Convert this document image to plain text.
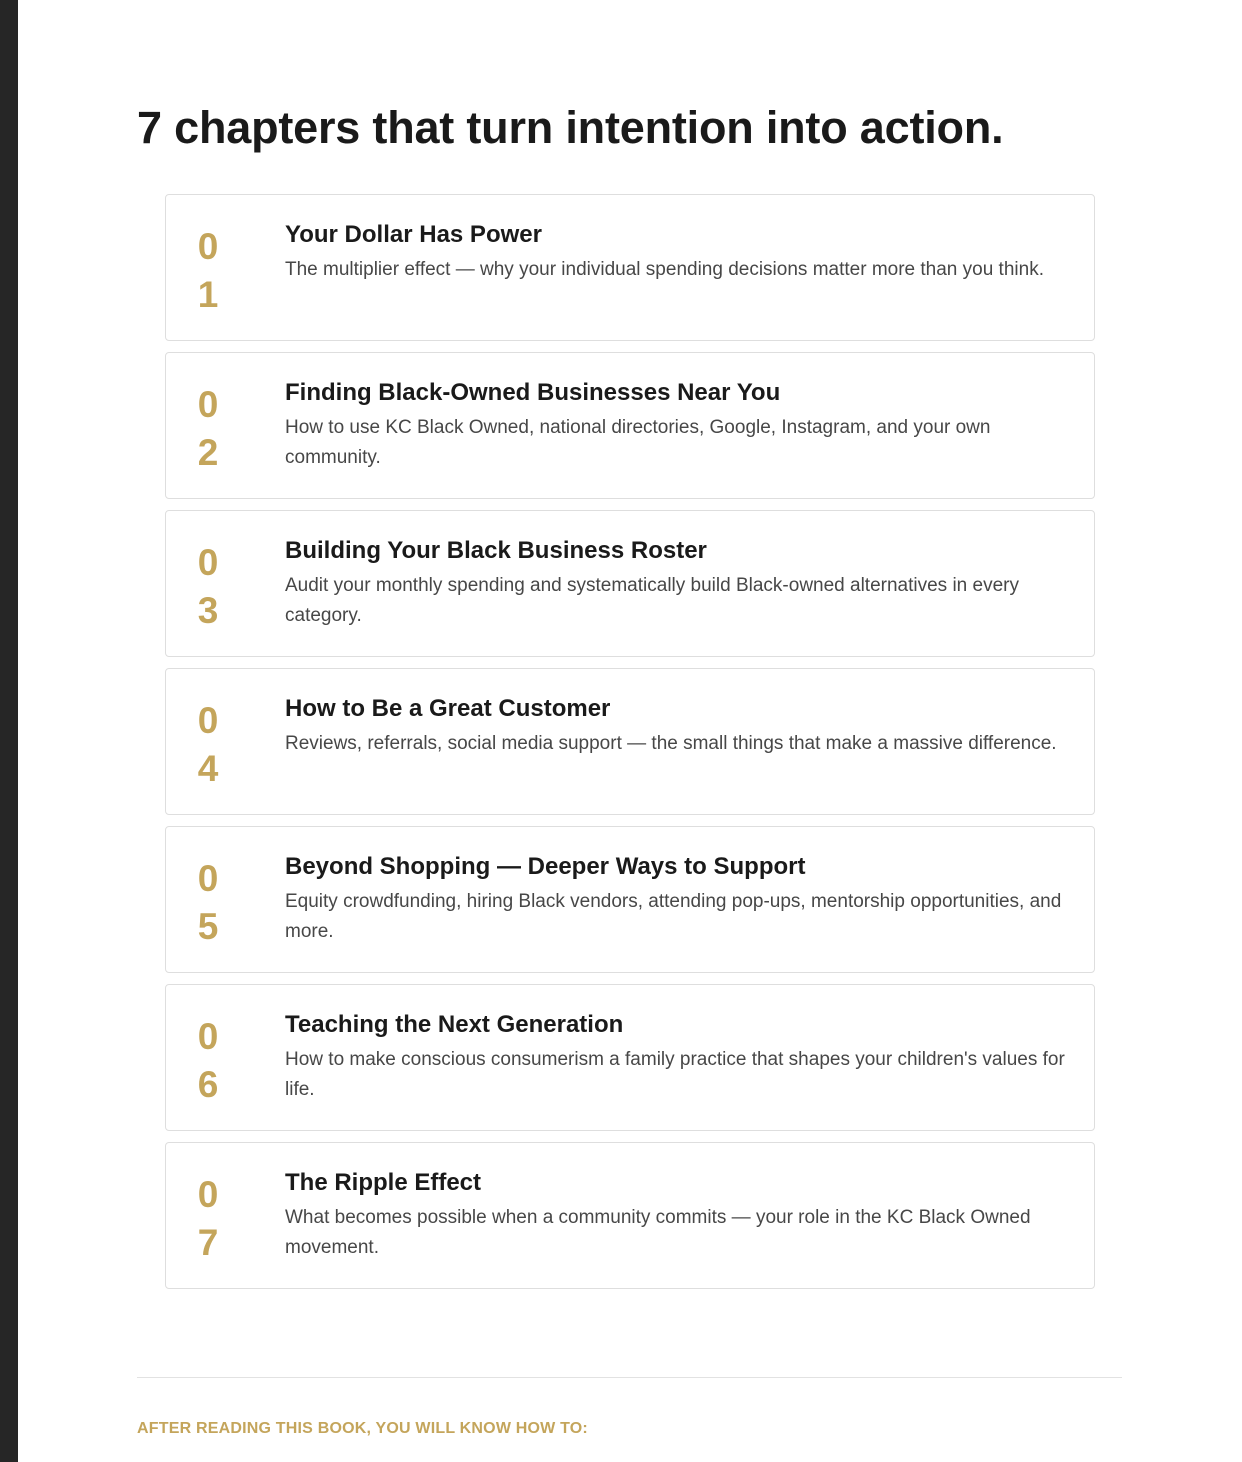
7 chapters that turn intention into action.
01
Your Dollar Has Power
The multiplier effect — why your individual spending decisions matter more than you think.
02
Finding Black-Owned Businesses Near You
How to use KC Black Owned, national directories, Google, Instagram, and your own community.
03
Building Your Black Business Roster
Audit your monthly spending and systematically build Black-owned alternatives in every category.
04
How to Be a Great Customer
Reviews, referrals, social media support — the small things that make a massive difference.
05
Beyond Shopping — Deeper Ways to Support
Equity crowdfunding, hiring Black vendors, attending pop-ups, mentorship opportunities, and more.
06
Teaching the Next Generation
How to make conscious consumerism a family practice that shapes your children's values for life.
07
The Ripple Effect
What becomes possible when a community commits — your role in the KC Black Owned movement.
AFTER READING THIS BOOK, YOU WILL KNOW HOW TO:
